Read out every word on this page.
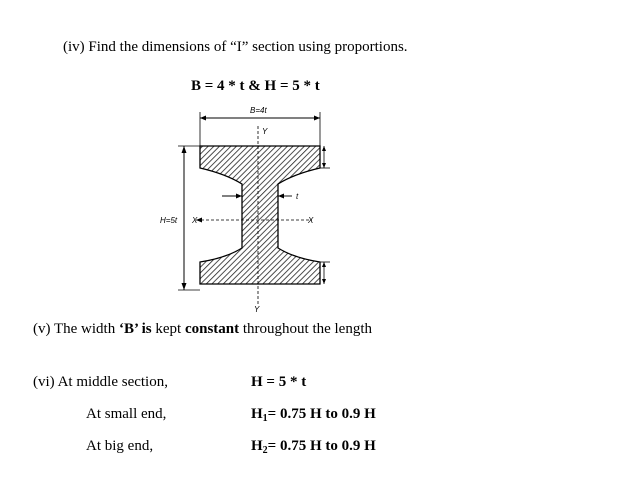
(iv) Find the dimensions of “I” section using proportions.
B = 4 * t & H = 5 * t
B=4t
H=5t X	X
Y
Y
t
(v) The width ‘B’ is kept constant throughout the length
(vi) At middle section,	H = 5 * t
At small end,	$H_1= 0.75$ H to 0.9 H
At big end,	$H_2= 0.75$ H to 0.9 H
